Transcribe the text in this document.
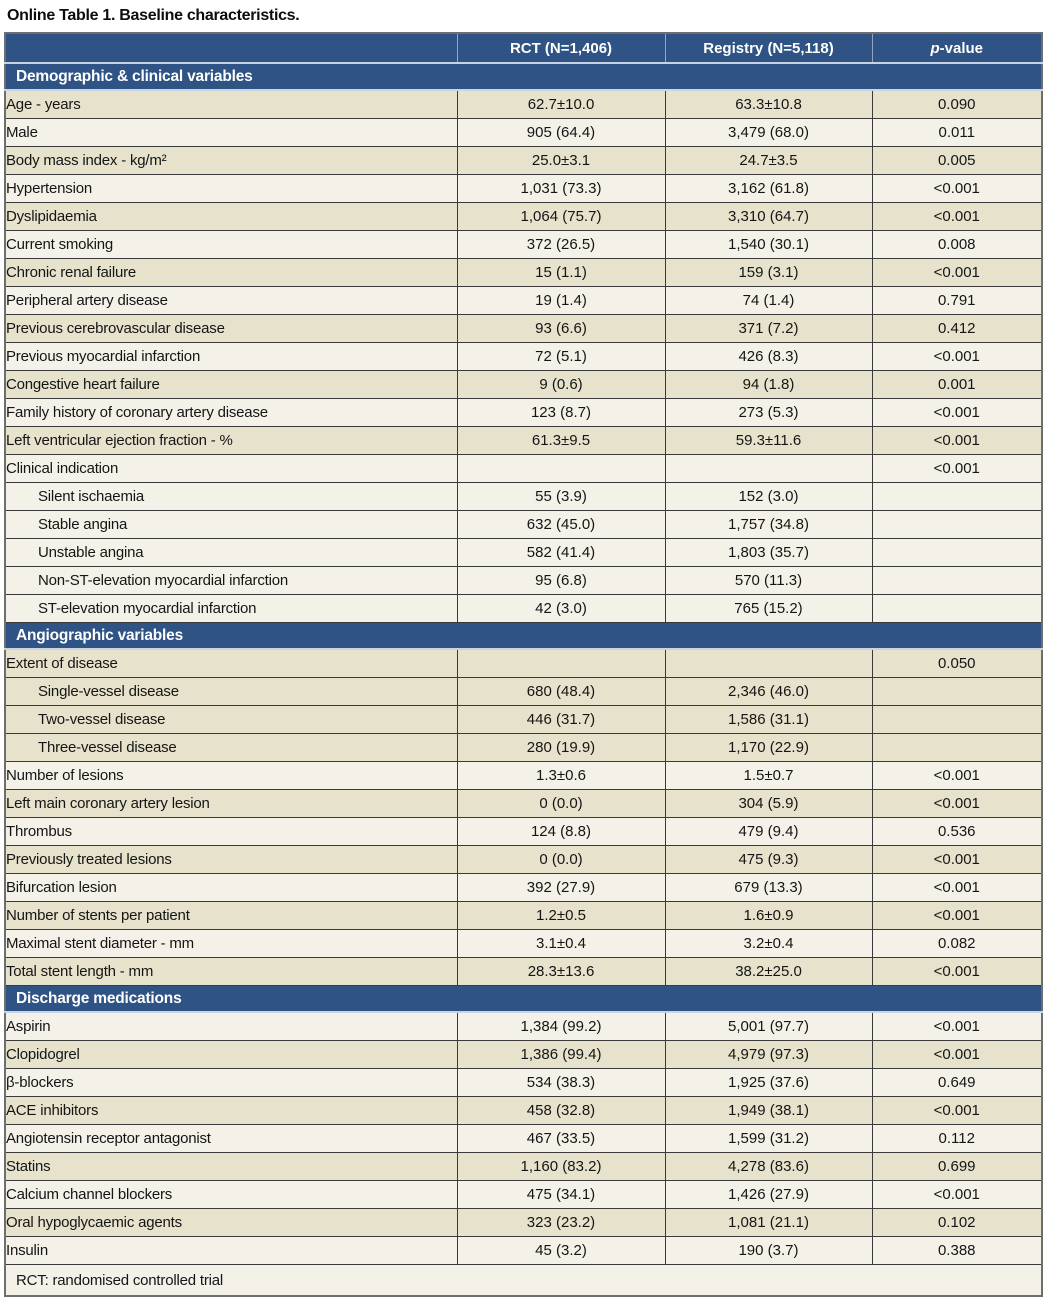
Online Table 1. Baseline characteristics.
	RCT (N=1,406)	Registry (N=5,118)	p-value
Demographic & clinical variables			
Age - years	62.7±10.0	63.3±10.8	0.090
Male	905 (64.4)	3,479 (68.0)	0.011
Body mass index - kg/m²	25.0±3.1	24.7±3.5	0.005
Hypertension	1,031 (73.3)	3,162 (61.8)	<0.001
Dyslipidaemia	1,064 (75.7)	3,310 (64.7)	<0.001
Current smoking	372 (26.5)	1,540 (30.1)	0.008
Chronic renal failure	15 (1.1)	159 (3.1)	<0.001
Peripheral artery disease	19 (1.4)	74 (1.4)	0.791
Previous cerebrovascular disease	93 (6.6)	371 (7.2)	0.412
Previous myocardial infarction	72 (5.1)	426 (8.3)	<0.001
Congestive heart failure	9 (0.6)	94 (1.8)	0.001
Family history of coronary artery disease	123 (8.7)	273 (5.3)	<0.001
Left ventricular ejection fraction - %	61.3±9.5	59.3±11.6	<0.001
Clinical indication			<0.001
Silent ischaemia	55 (3.9)	152 (3.0)	
Stable angina	632 (45.0)	1,757 (34.8)	
Unstable angina	582 (41.4)	1,803 (35.7)	
Non-ST-elevation myocardial infarction	95 (6.8)	570 (11.3)	
ST-elevation myocardial infarction	42 (3.0)	765 (15.2)	
Angiographic variables			
Extent of disease			0.050
Single-vessel disease	680 (48.4)	2,346 (46.0)	
Two-vessel disease	446 (31.7)	1,586 (31.1)	
Three-vessel disease	280 (19.9)	1,170 (22.9)	
Number of lesions	1.3±0.6	1.5±0.7	<0.001
Left main coronary artery lesion	0 (0.0)	304 (5.9)	<0.001
Thrombus	124 (8.8)	479 (9.4)	0.536
Previously treated lesions	0 (0.0)	475 (9.3)	<0.001
Bifurcation lesion	392 (27.9)	679 (13.3)	<0.001
Number of stents per patient	1.2±0.5	1.6±0.9	<0.001
Maximal stent diameter - mm	3.1±0.4	3.2±0.4	0.082
Total stent length - mm	28.3±13.6	38.2±25.0	<0.001
Discharge medications			
Aspirin	1,384 (99.2)	5,001 (97.7)	<0.001
Clopidogrel	1,386 (99.4)	4,979 (97.3)	<0.001
β-blockers	534 (38.3)	1,925 (37.6)	0.649
ACE inhibitors	458 (32.8)	1,949 (38.1)	<0.001
Angiotensin receptor antagonist	467 (33.5)	1,599 (31.2)	0.112
Statins	1,160 (83.2)	4,278 (83.6)	0.699
Calcium channel blockers	475 (34.1)	1,426 (27.9)	<0.001
Oral hypoglycaemic agents	323 (23.2)	1,081 (21.1)	0.102
Insulin	45 (3.2)	190 (3.7)	0.388
RCT: randomised controlled trial			
